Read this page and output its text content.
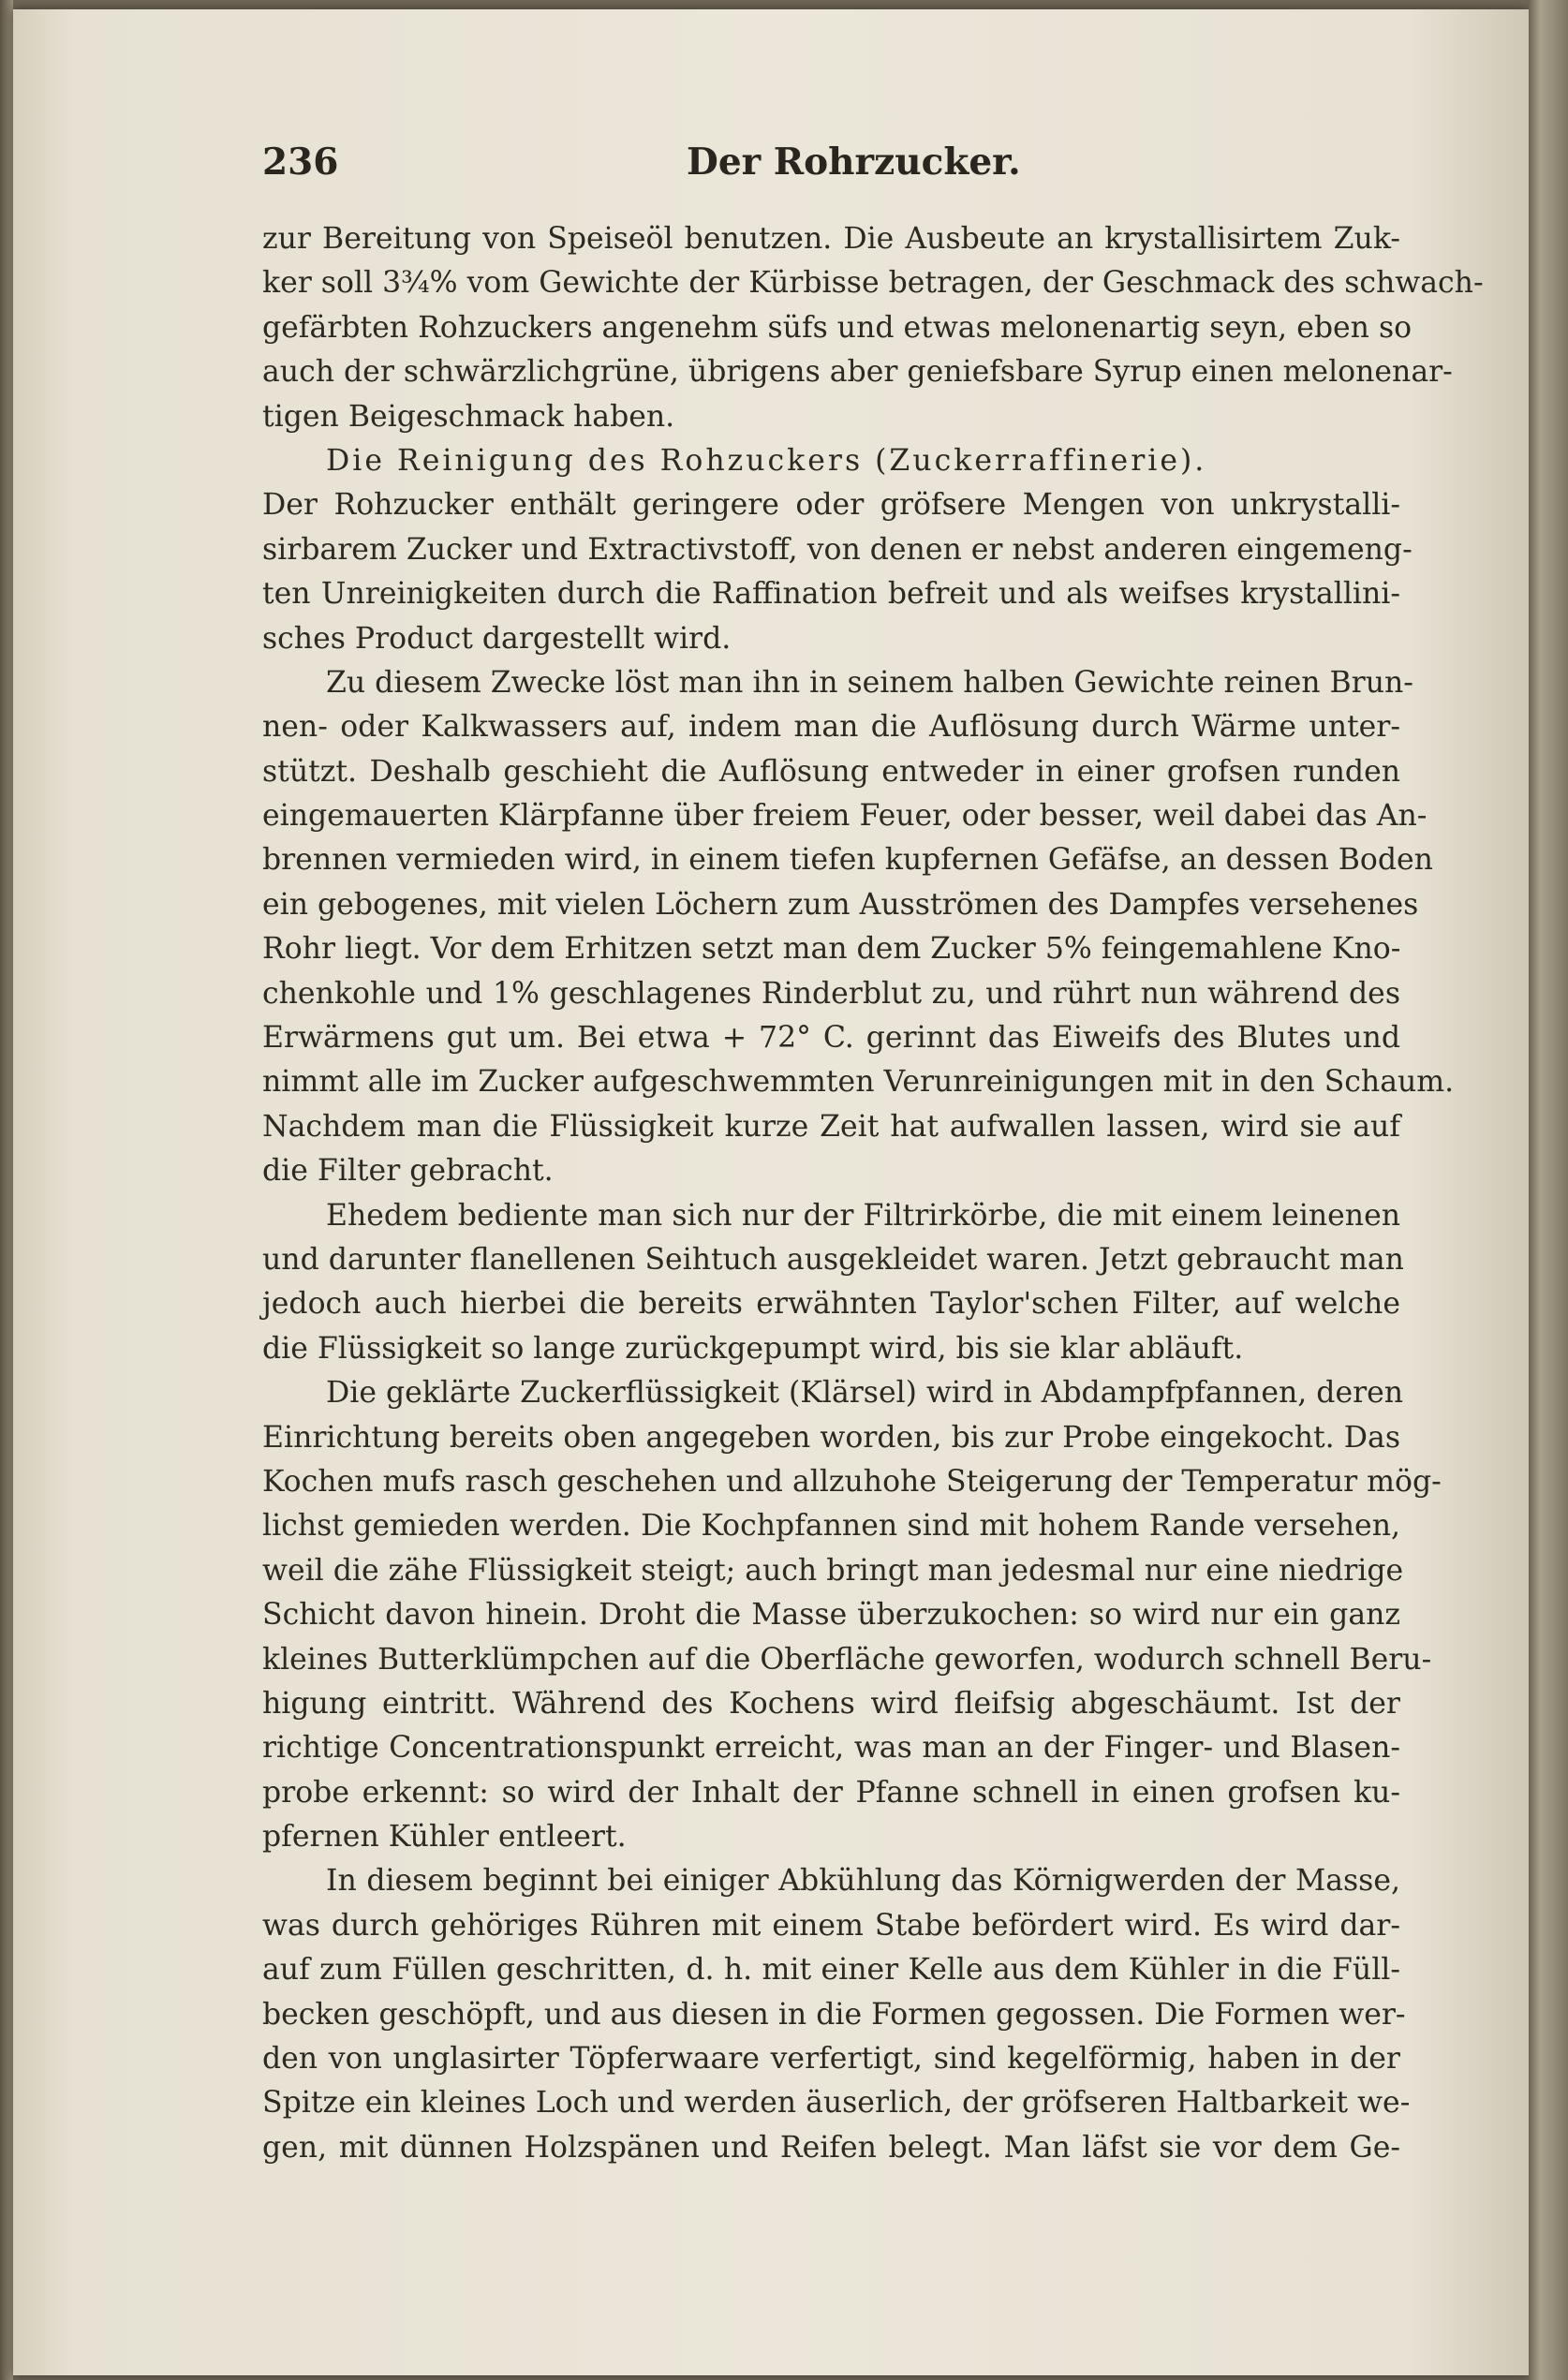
236	Der Rohrzucker.
zur Bereitung von Speiseöl benutzen. Die Ausbeute an krystallisirtem Zuk-
ker soll 3¾% vom Gewichte der Kürbisse betragen, der Geschmack des schwach-
gefärbten Rohzuckers angenehm süfs und etwas melonenartig seyn, eben so
auch der schwärzlichgrüne, übrigens aber geniefsbare Syrup einen melonenar-
tigen Beigeschmack haben.
Die Reinigung des Rohzuckers (Zuckerraffinerie).
Der Rohzucker enthält geringere oder gröfsere Mengen von unkrystalli-
sirbarem Zucker und Extractivstoff, von denen er nebst anderen eingemeng-
ten Unreinigkeiten durch die Raffination befreit und als weifses krystallini-
sches Product dargestellt wird.
Zu diesem Zwecke löst man ihn in seinem halben Gewichte reinen Brun-
nen- oder Kalkwassers auf, indem man die Auflösung durch Wärme unter-
stützt. Deshalb geschieht die Auflösung entweder in einer grofsen runden
eingemauerten Klärpfanne über freiem Feuer, oder besser, weil dabei das An-
brennen vermieden wird, in einem tiefen kupfernen Gefäfse, an dessen Boden
ein gebogenes, mit vielen Löchern zum Ausströmen des Dampfes versehenes
Rohr liegt. Vor dem Erhitzen setzt man dem Zucker 5% feingemahlene Kno-
chenkohle und 1% geschlagenes Rinderblut zu, und rührt nun während des
Erwärmens gut um. Bei etwa + 72° C. gerinnt das Eiweifs des Blutes und
nimmt alle im Zucker aufgeschwemmten Verunreinigungen mit in den Schaum.
Nachdem man die Flüssigkeit kurze Zeit hat aufwallen lassen, wird sie auf
die Filter gebracht.
Ehedem bediente man sich nur der Filtrirkörbe, die mit einem leinenen
und darunter flanellenen Seihtuch ausgekleidet waren. Jetzt gebraucht man
jedoch auch hierbei die bereits erwähnten Taylor'schen Filter, auf welche
die Flüssigkeit so lange zurückgepumpt wird, bis sie klar abläuft.
Die geklärte Zuckerflüssigkeit (Klärsel) wird in Abdampfpfannen, deren
Einrichtung bereits oben angegeben worden, bis zur Probe eingekocht. Das
Kochen mufs rasch geschehen und allzuhohe Steigerung der Temperatur mög-
lichst gemieden werden. Die Kochpfannen sind mit hohem Rande versehen,
weil die zähe Flüssigkeit steigt; auch bringt man jedesmal nur eine niedrige
Schicht davon hinein. Droht die Masse überzukochen: so wird nur ein ganz
kleines Butterklümpchen auf die Oberfläche geworfen, wodurch schnell Beru-
higung eintritt. Während des Kochens wird fleifsig abgeschäumt. Ist der
richtige Concentrationspunkt erreicht, was man an der Finger- und Blasen-
probe erkennt: so wird der Inhalt der Pfanne schnell in einen grofsen ku-
pfernen Kühler entleert.
In diesem beginnt bei einiger Abkühlung das Körnigwerden der Masse,
was durch gehöriges Rühren mit einem Stabe befördert wird. Es wird dar-
auf zum Füllen geschritten, d. h. mit einer Kelle aus dem Kühler in die Füll-
becken geschöpft, und aus diesen in die Formen gegossen. Die Formen wer-
den von unglasirter Töpferwaare verfertigt, sind kegelförmig, haben in der
Spitze ein kleines Loch und werden äuserlich, der gröfseren Haltbarkeit we-
gen, mit dünnen Holzspänen und Reifen belegt. Man läfst sie vor dem Ge-
